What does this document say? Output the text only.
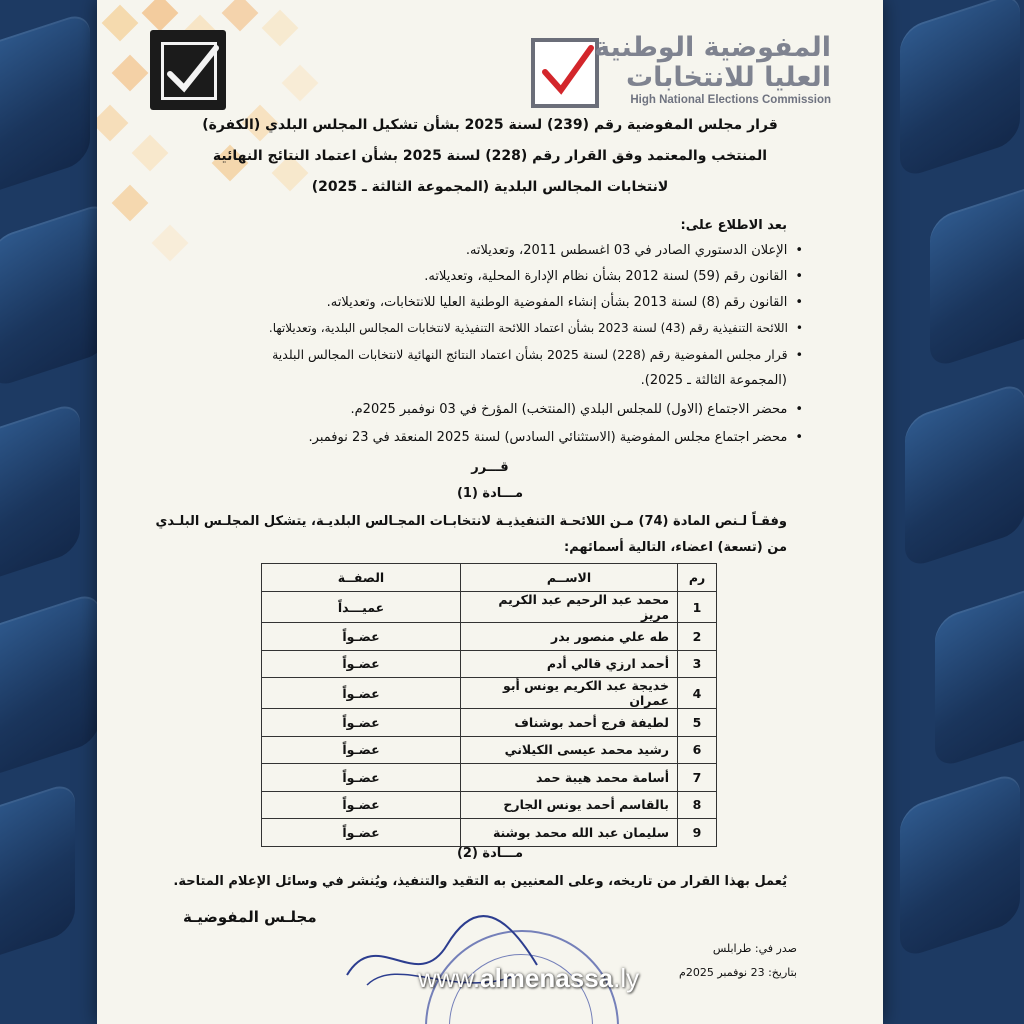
المفوضية الوطنية
العليا للانتخابات
High National Elections Commission
قرار مجلس المفوضية رقم (239) لسنة 2025 بشأن تشكيل المجلس البلدي (الكفرة)
المنتخب والمعتمد وفق القرار رقم (228) لسنة 2025 بشأن اعتماد النتائج النهائية
لانتخابات المجالس البلدية (المجموعة الثالثة ـ 2025)
بعد الاطلاع على:
•الإعلان الدستوري الصادر في 03 اغسطس 2011، وتعديلاته.
•القانون رقم (59) لسنة 2012 بشأن نظام الإدارة المحلية، وتعديلاته.
•القانون رقم (8) لسنة 2013 بشأن إنشاء المفوضية الوطنية العليا للانتخابات، وتعديلاته.
•اللائحة التنفيذية رقم (43) لسنة 2023 بشأن اعتماد اللائحة التنفيذية لانتخابات المجالس البلدية، وتعديلاتها.
•قرار مجلس المفوضية رقم (228) لسنة 2025 بشأن اعتماد النتائج النهائية لانتخابات المجالس البلدية
(المجموعة الثالثة ـ 2025).
•محضر الاجتماع (الاول) للمجلس البلدي (المنتخب) المؤرخ في 03 نوفمبر 2025م.
•محضر اجتماع مجلس المفوضية (الاستثنائي السادس) لسنة 2025 المنعقد في 23 نوفمبر.
قـــرر
مـــادة (1)
وفقـاً لـنص المادة (74) مـن اللائحـة التنفيذيـة لانتخابـات المجـالس البلديـة، يتشكل المجلـس البلـدي
من (تسعة) اعضاء، التالية أسمائهم:
رم	الاســم	الصفــة
1	محمد عبد الرحيم عبد الكريم مريز	عميـــداً
2	طه علي منصور بدر	عضـواً
3	أحمد ارزي قالي أدم	عضـواً
4	خديجة عبد الكريم يونس أبو عمران	عضـواً
5	لطيفة فرج أحمد بوشناف	عضـواً
6	رشيد محمد عيسى الكيلاني	عضـواً
7	أسامة محمد هيبة حمد	عضـواً
8	بالقاسم أحمد يونس الجارح	عضـواً
9	سليمان عبد الله محمد بوشنة	عضـواً
مـــادة (2)
يُعمل بهذا القرار من تاريخه، وعلى المعنيين به التقيد والتنفيذ، ويُنشر في وسائل الإعلام المتاحة.
مجلـس المفوضيـة
صدر في: طرابلس
بتاريخ: 23 نوفمبر 2025م
www.almenassa.ly
